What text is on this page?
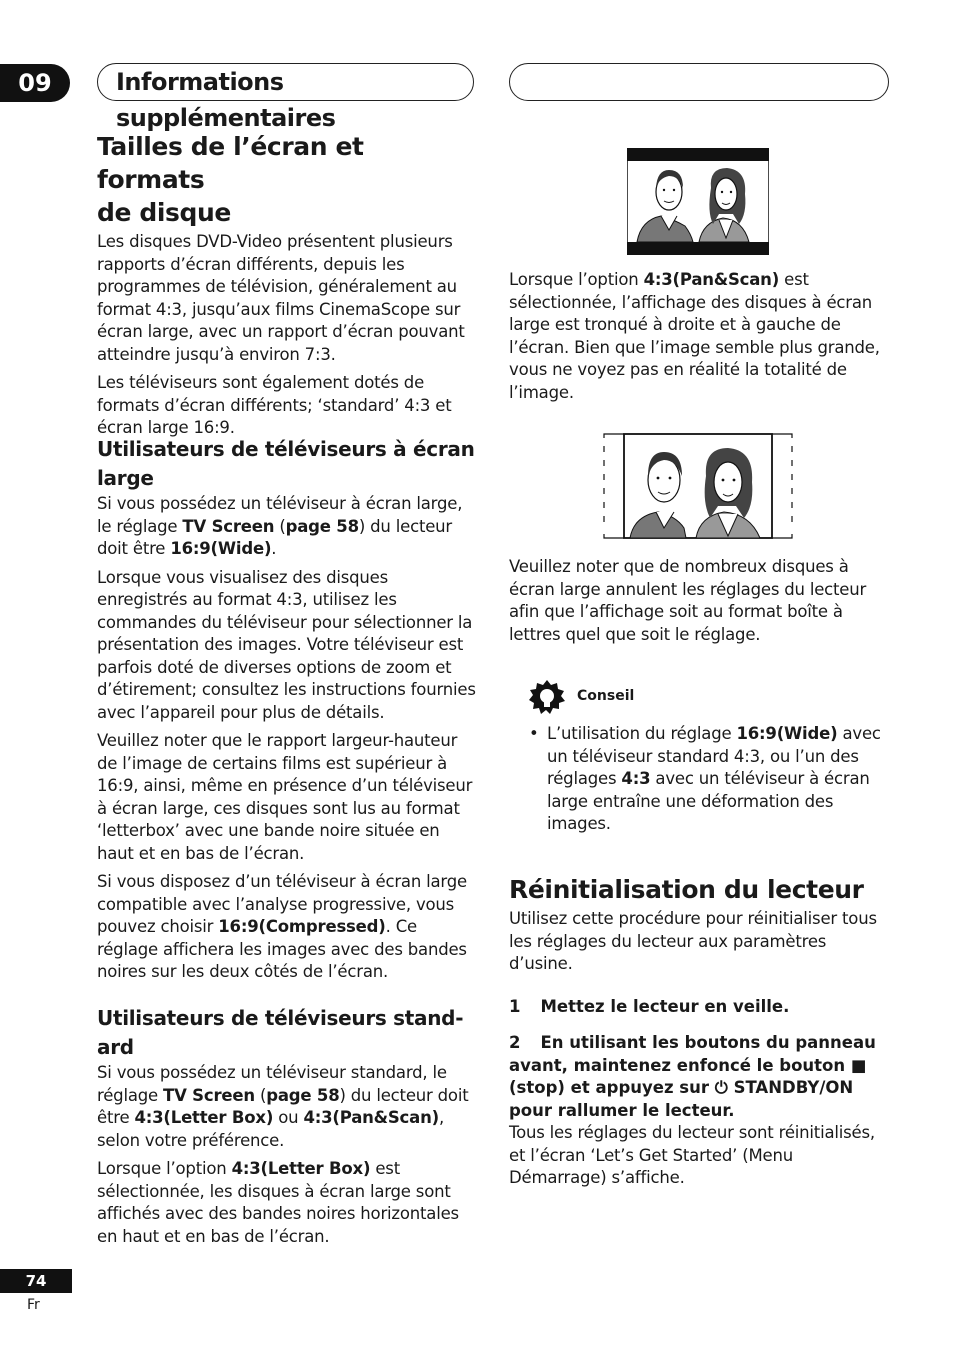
09	Informations supplémentaires
Tailles de l’écran et formats
de disque

Les disques DVD-Video présentent plusieurs rapports d’écran différents, depuis les programmes de télévision, généralement au format 4:3, jusqu’aux films CinemaScope sur écran large, avec un rapport d’écran pouvant atteindre jusqu’à environ 7:3.

Les téléviseurs sont également dotés de formats d’écran différents; ‘standard’ 4:3 et écran large 16:9.

Utilisateurs de téléviseurs à écran
large

Si vous possédez un téléviseur à écran large, le réglage TV Screen (page 58) du lecteur doit être 16:9(Wide).

Lorsque vous visualisez des disques enregistrés au format 4:3, utilisez les commandes du téléviseur pour sélectionner la présentation des images. Votre téléviseur est parfois doté de diverses options de zoom et d’étirement; consultez les instructions fournies avec l’appareil pour plus de détails.

Veuillez noter que le rapport largeur-hauteur de l’image de certains films est supérieur à 16:9, ainsi, même en présence d’un téléviseur à écran large, ces disques sont lus au format ‘letterbox’ avec une bande noire située en haut et en bas de l’écran.

Si vous disposez d’un téléviseur à écran large compatible avec l’analyse progressive, vous pouvez choisir 16:9(Compressed). Ce réglage affichera les images avec des bandes noires sur les deux côtés de l’écran.

Utilisateurs de téléviseurs stand-
ard

Si vous possédez un téléviseur standard, le réglage TV Screen (page 58) du lecteur doit être 4:3(Letter Box) ou 4:3(Pan&Scan), selon votre préférence.

Lorsque l’option 4:3(Letter Box) est sélectionnée, les disques à écran large sont affichés avec des bandes noires horizontales en haut et en bas de l’écran.

Lorsque l’option 4:3(Pan&Scan) est sélectionnée, l’affichage des disques à écran large est tronqué à droite et à gauche de l’écran. Bien que l’image semble plus grande, vous ne voyez pas en réalité la totalité de l’image.

Veuillez noter que de nombreux disques à écran large annulent les réglages du lecteur afin que l’affichage soit au format boîte à lettres quel que soit le réglage.

Conseil
• L’utilisation du réglage 16:9(Wide) avec un téléviseur standard 4:3, ou l’un des réglages 4:3 avec un téléviseur à écran large entraîne une déformation des images.
Réinitialisation du lecteur

Utilisez cette procédure pour réinitialiser tous les réglages du lecteur aux paramètres d’usine.

1 Mettez le lecteur en veille.
2 En utilisant les boutons du panneau avant, maintenez enfoncé le bouton ■ (stop) et appuyez sur ⏻ STANDBY/ON pour rallumer le lecteur.

Tous les réglages du lecteur sont réinitialisés, et l’écran ‘Let’s Get Started’ (Menu Démarrage) s’affiche.

74
Fr
